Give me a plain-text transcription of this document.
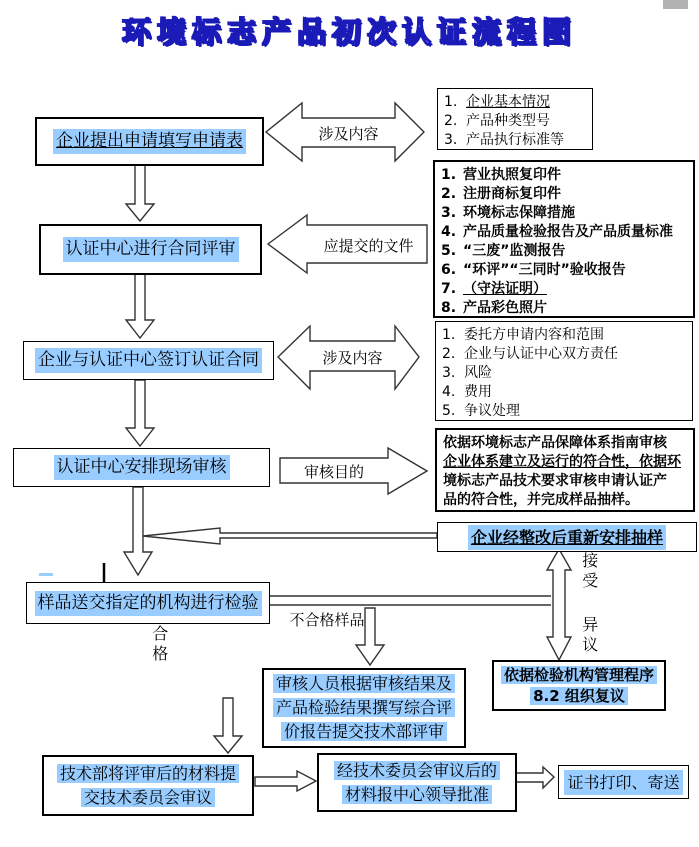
环境标志产品初次认证流程图
企业提出申请填写申请表
认证中心进行合同评审
企业与认证中心签订认证合同
认证中心安排现场审核
样品送交指定的机构进行检验
审核人员根据审核结果及
产品检验结果撰写综合评
价报告提交技术部评审
技术部将评审后的材料提
交技术委员会审议
经技术委员会审议后的
材料报中心领导批准
证书打印、寄送
企业经整改后重新安排抽样
依据检验机构管理程序
8.2 组织复议
1. 企业基本情况
2. 产品种类型号
3. 产品执行标准等
1. 营业执照复印件
2. 注册商标复印件
3. 环境标志保障措施
4. 产品质量检验报告及产品质量标准
5. “三废”监测报告
6. “环评”“三同时”验收报告
7. （守法证明）
8. 产品彩色照片
1. 委托方申请内容和范围
2. 企业与认证中心双方责任
3. 风险
4. 费用
5. 争议处理
依据环境标志产品保障体系指南审核
企业体系建立及运行的符合性，依据环
境标志产品技术要求审核申请认证产
品的符合性，并完成样品抽样。
涉及内容
应提交的文件
涉及内容
审核目的
不合格样品
合格
接受
异议
